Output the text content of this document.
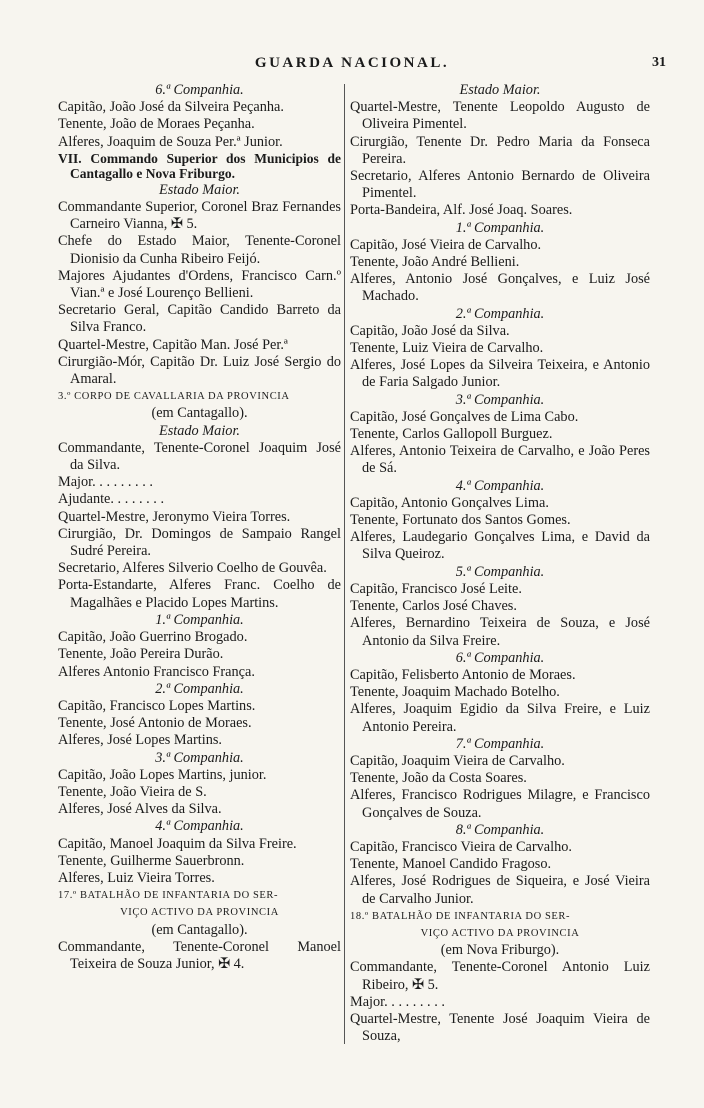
GUARDA NACIONAL.	31
6.ª Companhia.
Capitão, João José da Silveira Peçanha.
Tenente, João de Moraes Peçanha.
Alferes, Joaquim de Souza Per.ª Junior.
VII. Commando Superior dos Municipios de Cantagallo e Nova Friburgo.
Estado Maior.
Commandante Superior, Coronel Braz Fernandes Carneiro Vianna, ✠ 5.
Chefe do Estado Maior, Tenente-Coronel Dionisio da Cunha Ribeiro Feijó.
Majores Ajudantes d'Ordens, Francisco Carn.º Vian.ª e José Lourenço Bellieni.
Secretario Geral, Capitão Candido Barreto da Silva Franco.
Quartel-Mestre, Capitão Man. José Per.ª
Cirurgião-Mór, Capitão Dr. Luiz José Sergio do Amaral.
3.º CORPO DE CAVALLARIA DA PROVINCIA
(em Cantagallo).
Estado Maior.
Commandante, Tenente-Coronel Joaquim José da Silva.
Major. . . . . . . . .
Ajudante. . . . . . . .
Quartel-Mestre, Jeronymo Vieira Torres.
Cirurgião, Dr. Domingos de Sampaio Rangel Sudré Pereira.
Secretario, Alferes Silverio Coelho de Gouvêa.
Porta-Estandarte, Alferes Franc. Coelho de Magalhães e Placido Lopes Martins.
1.ª Companhia.
Capitão, João Guerrino Brogado.
Tenente, João Pereira Durão.
Alferes Antonio Francisco França.
2.ª Companhia.
Capitão, Francisco Lopes Martins.
Tenente, José Antonio de Moraes.
Alferes, José Lopes Martins.
3.ª Companhia.
Capitão, João Lopes Martins, junior.
Tenente, João Vieira de S.
Alferes, José Alves da Silva.
4.ª Companhia.
Capitão, Manoel Joaquim da Silva Freire.
Tenente, Guilherme Sauerbronn.
Alferes, Luiz Vieira Torres.
17.º BATALHÃO DE INFANTARIA DO SER-
VIÇO ACTIVO DA PROVINCIA
(em Cantagallo).
Commandante, Tenente-Coronel Manoel Teixeira de Souza Junior, ✠ 4.
Estado Maior.
Quartel-Mestre, Tenente Leopoldo Augusto de Oliveira Pimentel.
Cirurgião, Tenente Dr. Pedro Maria da Fonseca Pereira.
Secretario, Alferes Antonio Bernardo de Oliveira Pimentel.
Porta-Bandeira, Alf. José Joaq. Soares.
1.ª Companhia.
Capitão, José Vieira de Carvalho.
Tenente, João André Bellieni.
Alferes, Antonio José Gonçalves, e Luiz José Machado.
2.ª Companhia.
Capitão, João José da Silva.
Tenente, Luiz Vieira de Carvalho.
Alferes, José Lopes da Silveira Teixeira, e Antonio de Faria Salgado Junior.
3.ª Companhia.
Capitão, José Gonçalves de Lima Cabo.
Tenente, Carlos Gallopoll Burguez.
Alferes, Antonio Teixeira de Carvalho, e João Peres de Sá.
4.ª Companhia.
Capitão, Antonio Gonçalves Lima.
Tenente, Fortunato dos Santos Gomes.
Alferes, Laudegario Gonçalves Lima, e David da Silva Queiroz.
5.ª Companhia.
Capitão, Francisco José Leite.
Tenente, Carlos José Chaves.
Alferes, Bernardino Teixeira de Souza, e José Antonio da Silva Freire.
6.ª Companhia.
Capitão, Felisberto Antonio de Moraes.
Tenente, Joaquim Machado Botelho.
Alferes, Joaquim Egidio da Silva Freire, e Luiz Antonio Pereira.
7.ª Companhia.
Capitão, Joaquim Vieira de Carvalho.
Tenente, João da Costa Soares.
Alferes, Francisco Rodrigues Milagre, e Francisco Gonçalves de Souza.
8.ª Companhia.
Capitão, Francisco Vieira de Carvalho.
Tenente, Manoel Candido Fragoso.
Alferes, José Rodrigues de Siqueira, e José Vieira de Carvalho Junior.
18.º BATALHÃO DE INFANTARIA DO SER-
VIÇO ACTIVO DA PROVINCIA
(em Nova Friburgo).
Commandante, Tenente-Coronel Antonio Luiz Ribeiro, ✠ 5.
Major. . . . . . . . .
Quartel-Mestre, Tenente José Joaquim Vieira de Souza,
